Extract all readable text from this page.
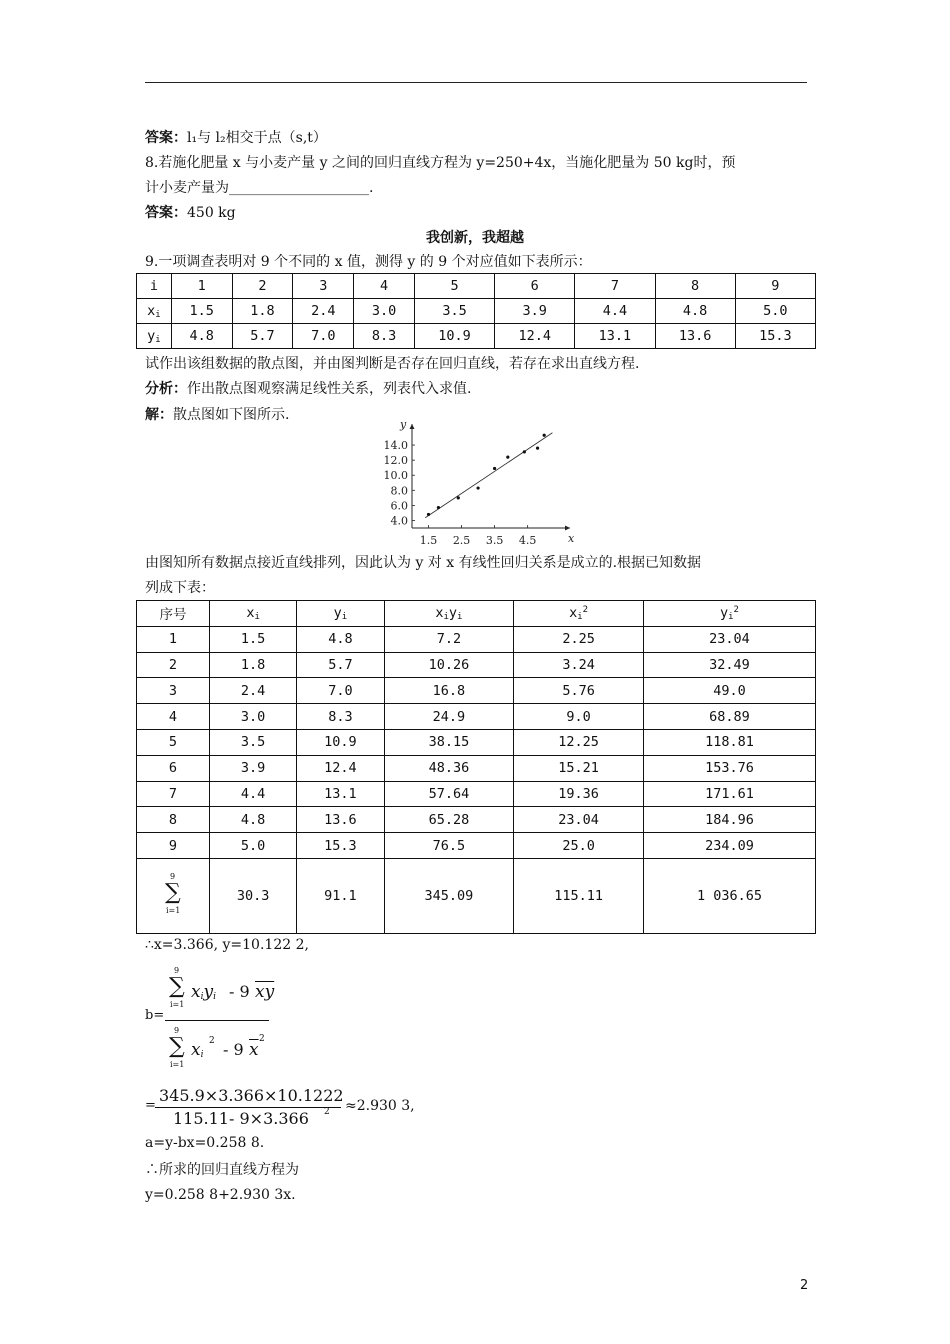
答案：l₁与 l₂相交于点（s,t）
8.若施化肥量 x 与小麦产量 y 之间的回归直线方程为 y=250+4x，当施化肥量为 50 kg时，预
计小麦产量为____________________.
答案：450 kg
我创新，我超越
9.一项调查表明对 9 个不同的 x 值，测得 y 的 9 个对应值如下表所示：
i	1	2	3	4	5	6	7	8	9
$x_i$	1.5	1.8	2.4	3.0	3.5	3.9	4.4	4.8	5.0
$y_i$	4.8	5.7	7.0	8.3	10.9	12.4	13.1	13.6	15.3
试作出该组数据的散点图，并由图判断是否存在回归直线，若存在求出直线方程.
分析：作出散点图观察满足线性关系，列表代入求值.
解：散点图如下图所示.
x
y
1.5 2.5 3.5 4.5
4.0
6.0
8.0
10.0
12.0
14.0
由图知所有数据点接近直线排列，因此认为 y 对 x 有线性回归关系是成立的.根据已知数据
列成下表：
序号	$x_i$	$y_i$	$x_iy_i$	$x_i^2$	$y_i^2$
1	1.5	4.8	7.2	2.25	23.04
2	1.8	5.7	10.26	3.24	32.49
3	2.4	7.0	16.8	5.76	49.0
4	3.0	8.3	24.9	9.0	68.89
5	3.5	10.9	38.15	12.25	118.81
6	3.9	12.4	48.36	15.21	153.76
7	4.4	13.1	57.64	19.36	171.61
8	4.8	13.6	65.28	23.04	184.96
9	5.0	15.3	76.5	25.0	234.09

9
∑
i=1	30.3	91.1	345.09	115.11	1 036.65
∴x=3.366, y=10.122 2,
b=
9
∑
i=1
$x_iy_i - 9$ $\overline{xy}$
9
∑
i=1
$x_i$
2 - 9 $\overline{x}$
2
=
345.9×3.366×10.1222
115.11- 9×3.366 2 ≈2.930 3,
a=y-bx=0.258 8.
∴所求的回归直线方程为
y=0.258 8+2.930 3x.
2
